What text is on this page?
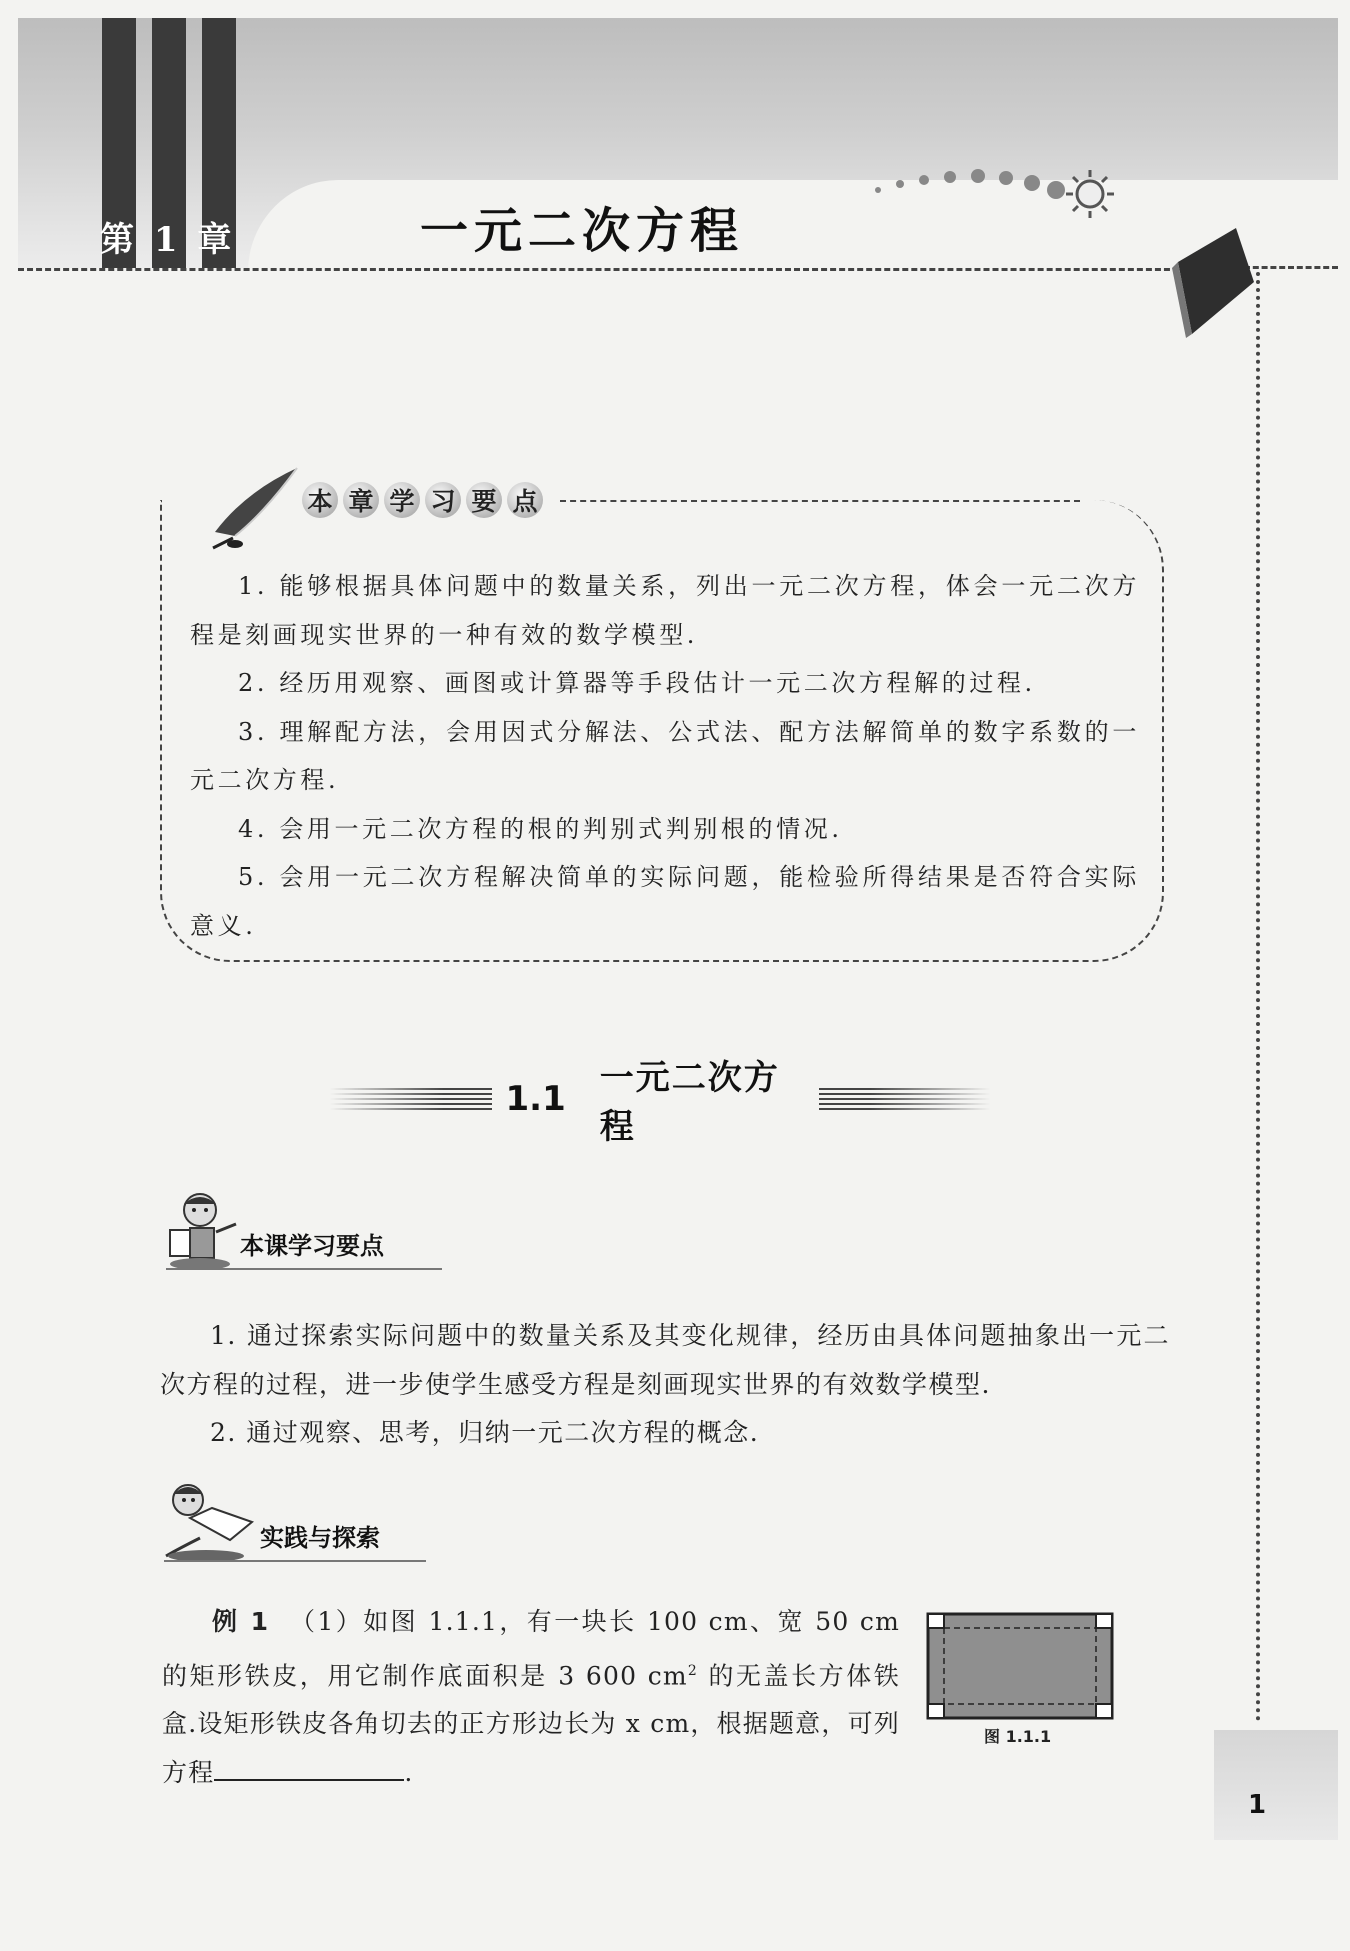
第 1 章	一元二次方程
本 章 学 习 要 点

1. 能够根据具体问题中的数量关系，列出一元二次方程，体会一元二次方程是刻画现实世界的一种有效的数学模型.

2. 经历用观察、画图或计算器等手段估计一元二次方程解的过程.

3. 理解配方法，会用因式分解法、公式法、配方法解简单的数字系数的一元二次方程.

4. 会用一元二次方程的根的判别式判别根的情况.

5. 会用一元二次方程解决简单的实际问题，能检验所得结果是否符合实际意义.

1.1
一元二次方程
本课学习要点

1. 通过探索实际问题中的数量关系及其变化规律，经历由具体问题抽象出一元二次方程的过程，进一步使学生感受方程是刻画现实世界的有效数学模型.

2. 通过观察、思考，归纳一元二次方程的概念.

实践与探索

例 1 （1）如图 1.1.1，有一块长 100 cm、宽 50 cm 的矩形铁皮，用它制作底面积是 3 600 $cm^2$ 的无盖长方体铁盒.设矩形铁皮各角切去的正方形边长为 x cm，根据题意，可列方程	.

图 1.1.1
1
